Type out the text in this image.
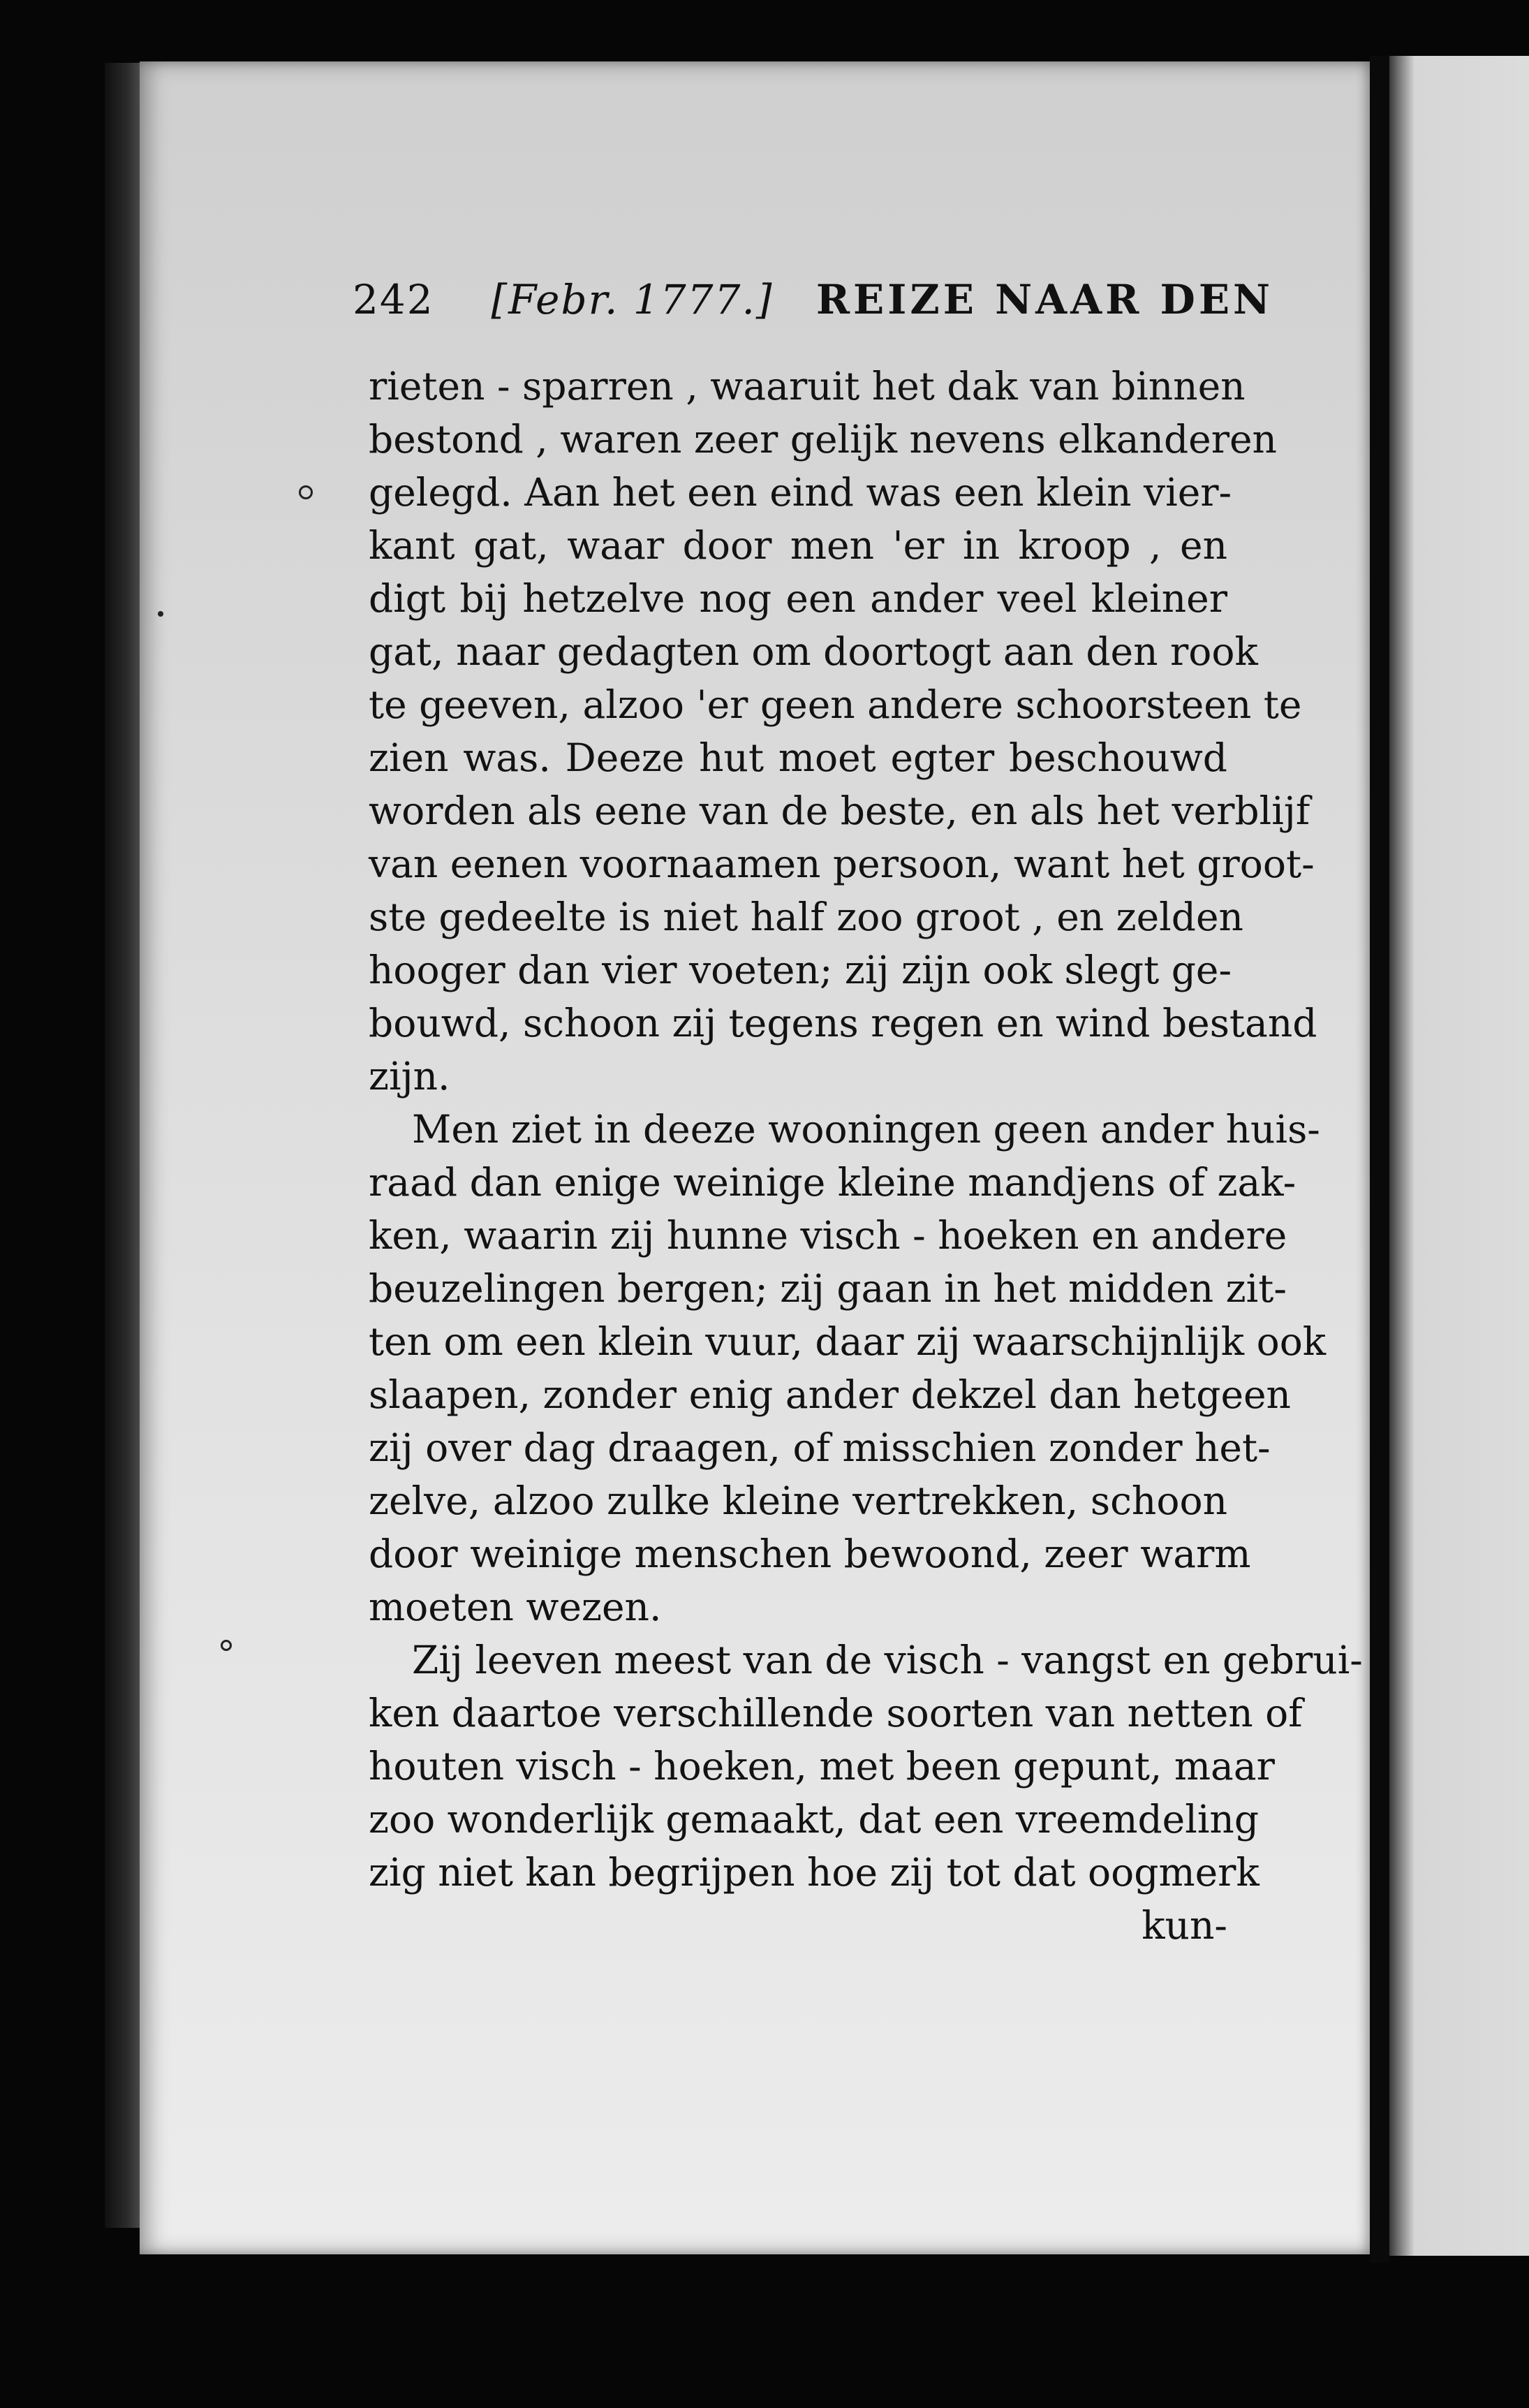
242 [Febr. 1777.] REIZE NAAR DEN
rieten - sparren , waaruit het dak van binnen
bestond , waren zeer gelijk nevens elkanderen
gelegd. Aan het een eind was een klein vier-
kant gat, waar door men 'er in kroop , en
digt bij hetzelve nog een ander veel kleiner
gat, naar gedagten om doortogt aan den rook
te geeven, alzoo 'er geen andere schoorsteen te
zien was. Deeze hut moet egter beschouwd
worden als eene van de beste, en als het verblijf
van eenen voornaamen persoon, want het groot-
ste gedeelte is niet half zoo groot , en zelden
hooger dan vier voeten; zij zijn ook slegt ge-
bouwd, schoon zij tegens regen en wind bestand
zijn.
Men ziet in deeze wooningen geen ander huis-
raad dan enige weinige kleine mandjens of zak-
ken, waarin zij hunne visch - hoeken en andere
beuzelingen bergen; zij gaan in het midden zit-
ten om een klein vuur, daar zij waarschijnlijk ook
slaapen, zonder enig ander dekzel dan hetgeen
zij over dag draagen, of misschien zonder het-
zelve, alzoo zulke kleine vertrekken, schoon
door weinige menschen bewoond, zeer warm
moeten wezen.
Zij leeven meest van de visch - vangst en gebrui-
ken daartoe verschillende soorten van netten of
houten visch - hoeken, met been gepunt, maar
zoo wonderlijk gemaakt, dat een vreemdeling
zig niet kan begrijpen hoe zij tot dat oogmerk
kun-
